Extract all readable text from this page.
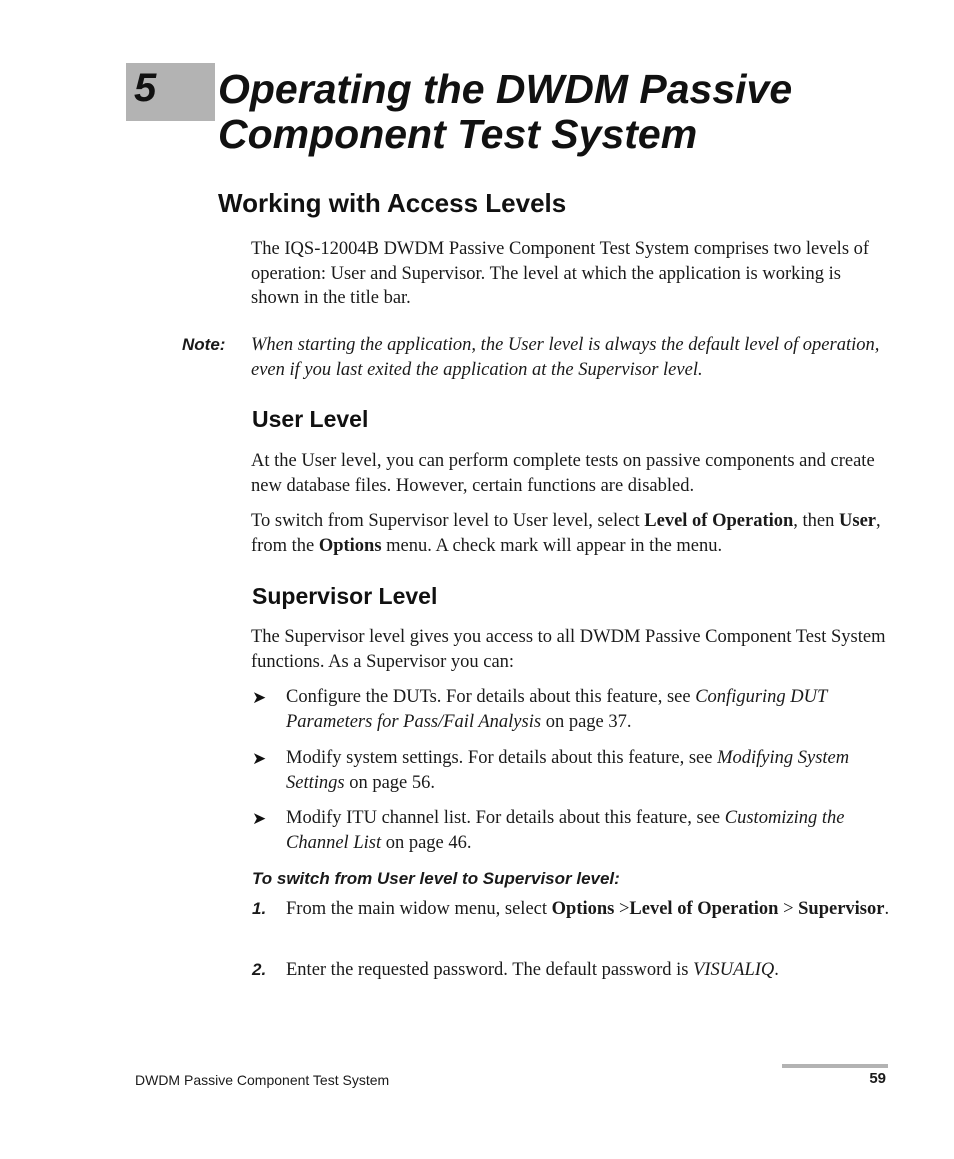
5 Operating the DWDM Passive Component Test System
Working with Access Levels
The IQS-12004B DWDM Passive Component Test System comprises two levels of operation: User and Supervisor. The level at which the application is working is shown in the title bar.
Note: When starting the application, the User level is always the default level of operation, even if you last exited the application at the Supervisor level.
User Level
At the User level, you can perform complete tests on passive components and create new database files. However, certain functions are disabled.
To switch from Supervisor level to User level, select Level of Operation, then User, from the Options menu. A check mark will appear in the menu.
Supervisor Level
The Supervisor level gives you access to all DWDM Passive Component Test System functions. As a Supervisor you can:
➤ Configure the DUTs. For details about this feature, see Configuring DUT Parameters for Pass/Fail Analysis on page 37.
➤ Modify system settings. For details about this feature, see Modifying System Settings on page 56.
➤ Modify ITU channel list. For details about this feature, see Customizing the Channel List on page 46.
To switch from User level to Supervisor level:
1. From the main widow menu, select Options >Level of Operation > Supervisor.
2. Enter the requested password. The default password is VISUALIQ.
DWDM Passive Component Test System	59
